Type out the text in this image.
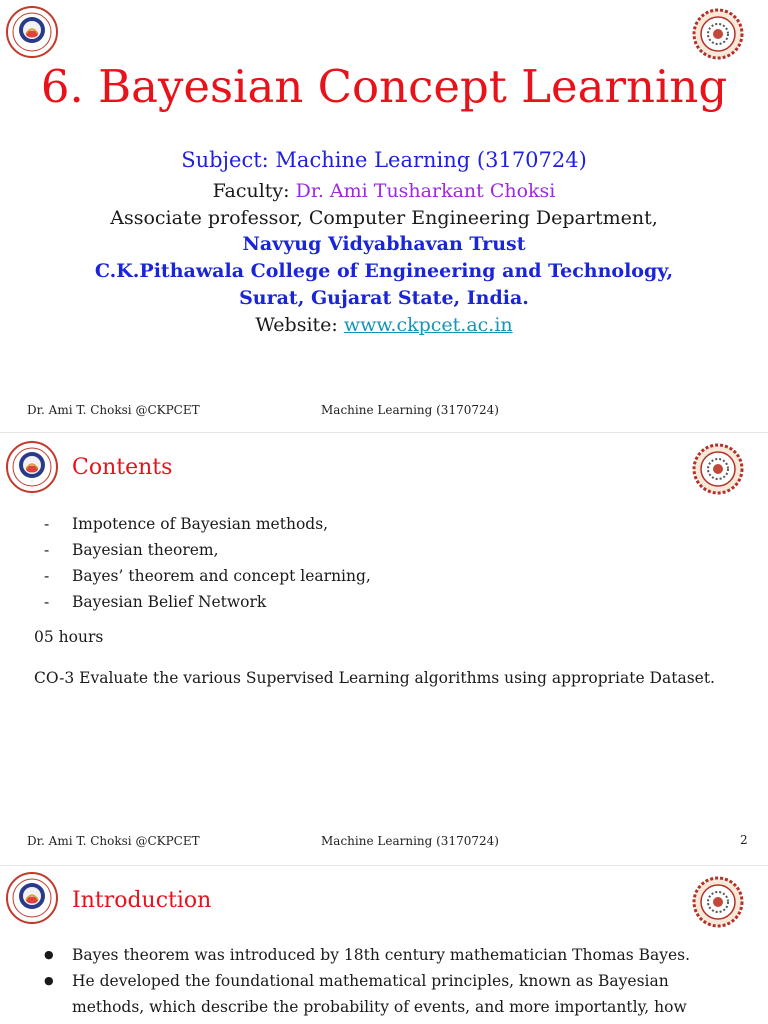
6. Bayesian Concept Learning
Subject: Machine Learning (3170724)
Faculty: Dr. Ami Tusharkant Choksi
Associate professor, Computer Engineering Department,
Navyug Vidyabhavan Trust
C.K.Pithawala College of Engineering and Technology,
Surat, Gujarat State, India.
Website: www.ckpcet.ac.in
Dr. Ami T. Choksi @CKPCET	Machine Learning (3170724)
Contents
- Impotence of Bayesian methods,
- Bayesian theorem,
- Bayes’ theorem and concept learning,
- Bayesian Belief Network
05 hours
CO-3 Evaluate the various Supervised Learning algorithms using appropriate Dataset.
Dr. Ami T. Choksi @CKPCET	Machine Learning (3170724)	2
Introduction
● Bayes theorem was introduced by 18th century mathematician Thomas Bayes.
● He developed the foundational mathematical principles, known as Bayesian methods, which describe the probability of events, and more importantly, how
